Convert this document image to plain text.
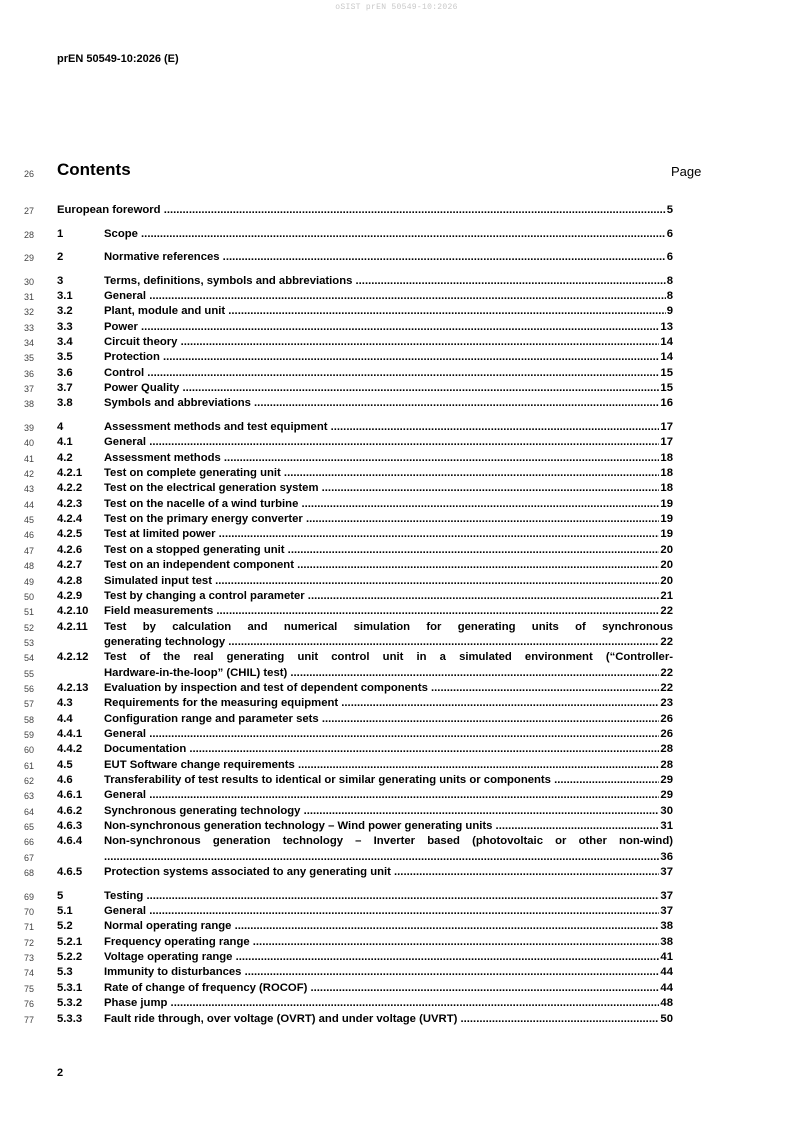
oSIST prEN 50549-10:2026
prEN 50549-10:2026 (E)
26 Contents	Page
27 European foreword .....	5
28 1	Scope .....	6
29 2	Normative references .....	6
30 3	Terms, definitions, symbols and abbreviations .....	8
31 3.1	General .....	8
32 3.2	Plant, module and unit .....	9
33 3.3	Power .....	13
34 3.4	Circuit theory .....	14
35 3.5	Protection .....	14
36 3.6	Control .....	15
37 3.7	Power Quality .....	15
38 3.8	Symbols and abbreviations .....	16
39 4	Assessment methods and test equipment .....	17
40 4.1	General .....	17
41 4.2	Assessment methods .....	18
42 4.2.1 Test on complete generating unit .....	18
43 4.2.2 Test on the electrical generation system .....	18
44 4.2.3 Test on the nacelle of a wind turbine .....	19
45 4.2.4 Test on the primary energy converter .....	19
46 4.2.5 Test at limited power .....	19
47 4.2.6 Test on a stopped generating unit .....	20
48 4.2.7 Test on an independent component .....	20
49 4.2.8 Simulated input test .....	20
50 4.2.9 Test by changing a control parameter .....	21
51 4.2.10 Field measurements .....	22
52 4.2.11 Test by calculation and numerical simulation for generating units of synchronous
53	generating technology .....	22
54 4.2.12 Test of the real generating unit control unit in a simulated environment (“Controller-
55	Hardware-in-the-loop” (CHIL) test) .....	22
56 4.2.13 Evaluation by inspection and test of dependent components .....	22
57 4.3	Requirements for the measuring equipment .....	23
58 4.4	Configuration range and parameter sets .....	26
59 4.4.1 General .....	26
60 4.4.2 Documentation .....	28
61 4.5	EUT Software change requirements .....	28
62 4.6	Transferability of test results to identical or similar generating units or components .....	29
63 4.6.1 General .....	29
64 4.6.2 Synchronous generating technology .....	30
65 4.6.3 Non-synchronous generation technology – Wind power generating units .....	31
66 4.6.4 Non-synchronous generation technology – Inverter based (photovoltaic or other non-wind)
67 .....	36
68 4.6.5 Protection systems associated to any generating unit .....	37
69 5	Testing .....	37
70 5.1	General .....	37
71 5.2	Normal operating range .....	38
72 5.2.1 Frequency operating range .....	38
73 5.2.2 Voltage operating range .....	41
74 5.3	Immunity to disturbances .....	44
75 5.3.1 Rate of change of frequency (ROCOF) .....	44
76 5.3.2 Phase jump .....	48
77 5.3.3 Fault ride through, over voltage (OVRT) and under voltage (UVRT) .....	50
2
